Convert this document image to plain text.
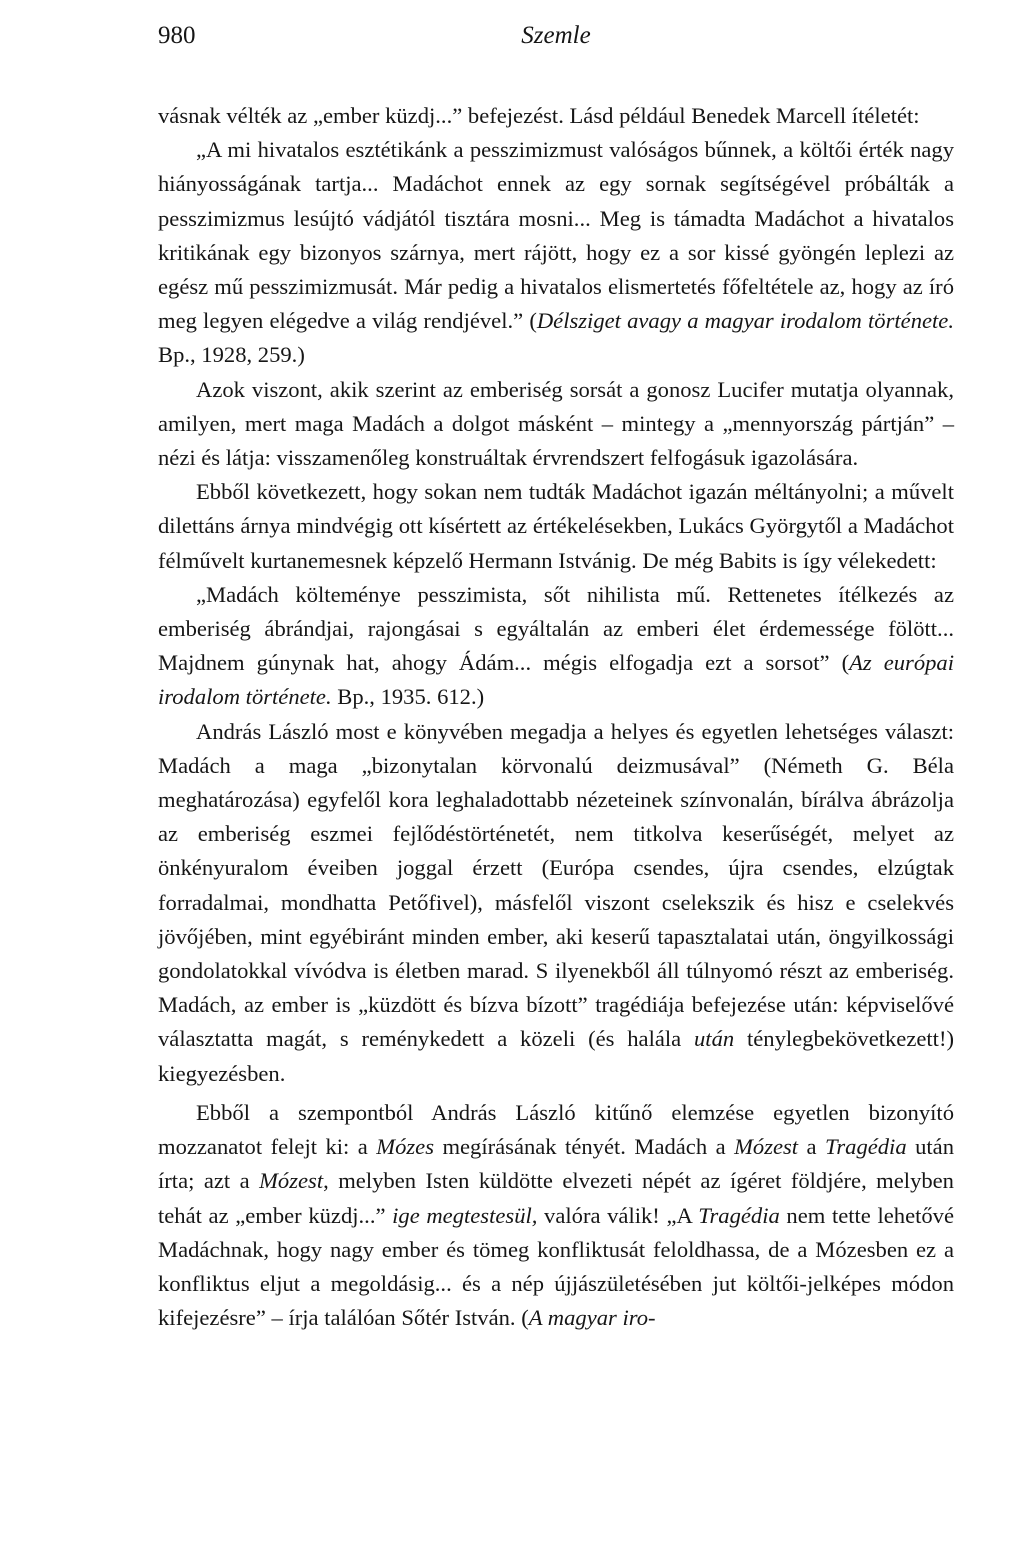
980	Szemle

vásnak vélték az „ember küzdj...” befejezést. Lásd például Benedek Marcell ítéletét:

„A mi hivatalos esztétikánk a pesszimizmust valóságos bűnnek, a költői érték nagy hiányosságának tartja... Madáchot ennek az egy sornak segítségével próbálták a pesszimizmus lesújtó vádjától tisztára mosni... Meg is támadta Madáchot a hivatalos kritikának egy bizonyos szárnya, mert rájött, hogy ez a sor kissé gyöngén leplezi az egész mű pesszimizmusát. Már pedig a hivatalos elismertetés főfeltétele az, hogy az író meg legyen elégedve a világ rendjével.” (Délsziget avagy a magyar irodalom története. Bp., 1928, 259.)

Azok viszont, akik szerint az emberiség sorsát a gonosz Lucifer mutatja olyannak, amilyen, mert maga Madách a dolgot másként – mintegy a „mennyország pártján” – nézi és látja: visszamenőleg konstruáltak érvrendszert felfogásuk igazolására.

Ebből következett, hogy sokan nem tudták Madáchot igazán méltányolni; a művelt dilettáns árnya mindvégig ott kísértett az értékelésekben, Lukács Györgytől a Madáchot félművelt kurtanemesnek képzelő Hermann Istvánig. De még Babits is így vélekedett:

„Madách költeménye pesszimista, sőt nihilista mű. Rettenetes ítélkezés az emberiség ábrándjai, rajongásai s egyáltalán az emberi élet érdemessége fölött... Majdnem gúnynak hat, ahogy Ádám... mégis elfogadja ezt a sorsot” (Az európai irodalom története. Bp., 1935. 612.)

András László most e könyvében megadja a helyes és egyetlen lehetséges választ: Madách a maga „bizonytalan körvonalú deizmusával” (Németh G. Béla meghatározása) egyfelől kora leghaladottabb nézeteinek színvonalán, bírálva ábrázolja az emberiség eszmei fejlődéstörténetét, nem titkolva keserűségét, melyet az önkényuralom éveiben joggal érzett (Európa csendes, újra csendes, elzúgtak forradalmai, mondhatta Petőfivel), másfelől viszont cselekszik és hisz e cselekvés jövőjében, mint egyébiránt minden ember, aki keserű tapasztalatai után, öngyilkossági gondolatokkal vívódva is életben marad. S ilyenekből áll túlnyomó részt az emberiség. Madách, az ember is „küzdött és bízva bízott” tragédiája befejezése után: képviselővé választatta magát, s reménykedett a közeli (és halála után ténylegbekövetkezett!) kiegyezésben.

Ebből a szempontból András László kitűnő elemzése egyetlen bizonyító mozzanatot felejt ki: a Mózes megírásának tényét. Madách a Mózest a Tragédia után írta; azt a Mózest, melyben Isten küldötte elvezeti népét az ígéret földjére, melyben tehát az „ember küzdj...” ige megtestesül, valóra válik! „A Tragédia nem tette lehetővé Madáchnak, hogy nagy ember és tömeg konfliktusát feloldhassa, de a Mózesben ez a konfliktus eljut a megoldásig... és a nép újjászületésében jut költői-jelképes módon kifejezésre” – írja találóan Sőtér István. (A magyar iro-
